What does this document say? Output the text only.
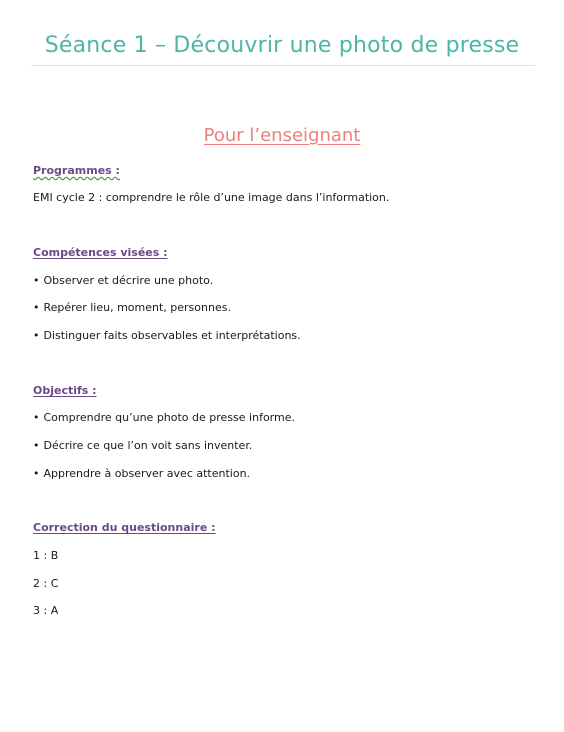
Séance 1 – Découvrir une photo de presse
Pour l’enseignant
Programmes :
EMI cycle 2 : comprendre le rôle d’une image dans l’information.
Compétences visées :
• Observer et décrire une photo.
• Repérer lieu, moment, personnes.
• Distinguer faits observables et interprétations.
Objectifs :
• Comprendre qu’une photo de presse informe.
• Décrire ce que l’on voit sans inventer.
• Apprendre à observer avec attention.
Correction du questionnaire :
1 : B
2 : C
3 : A
